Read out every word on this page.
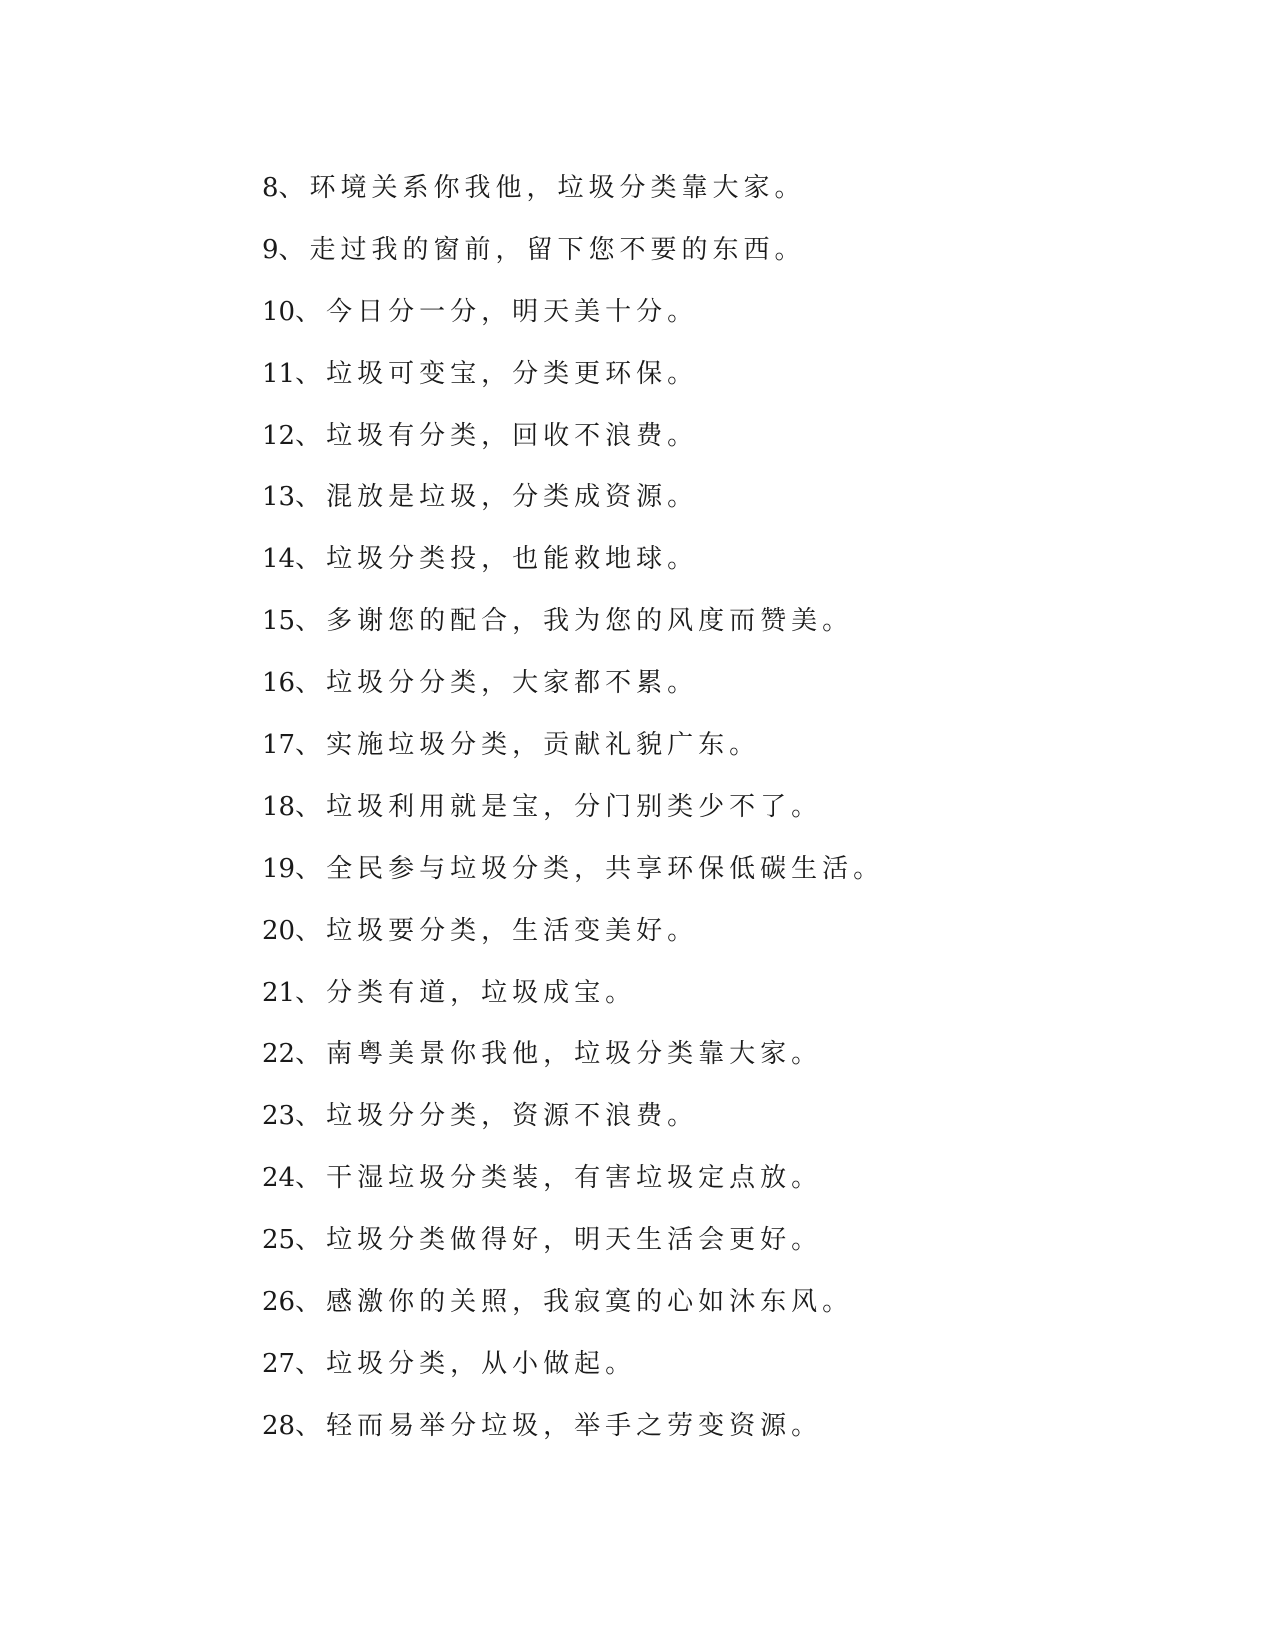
8、环境关系你我他，垃圾分类靠大家。
9、走过我的窗前，留下您不要的东西。
10、今日分一分，明天美十分。
11、垃圾可变宝，分类更环保。
12、垃圾有分类，回收不浪费。
13、混放是垃圾，分类成资源。
14、垃圾分类投，也能救地球。
15、多谢您的配合，我为您的风度而赞美。
16、垃圾分分类，大家都不累。
17、实施垃圾分类，贡献礼貌广东。
18、垃圾利用就是宝，分门别类少不了。
19、全民参与垃圾分类，共享环保低碳生活。
20、垃圾要分类，生活变美好。
21、分类有道，垃圾成宝。
22、南粤美景你我他，垃圾分类靠大家。
23、垃圾分分类，资源不浪费。
24、干湿垃圾分类装，有害垃圾定点放。
25、垃圾分类做得好，明天生活会更好。
26、感激你的关照，我寂寞的心如沐东风。
27、垃圾分类，从小做起。
28、轻而易举分垃圾，举手之劳变资源。
